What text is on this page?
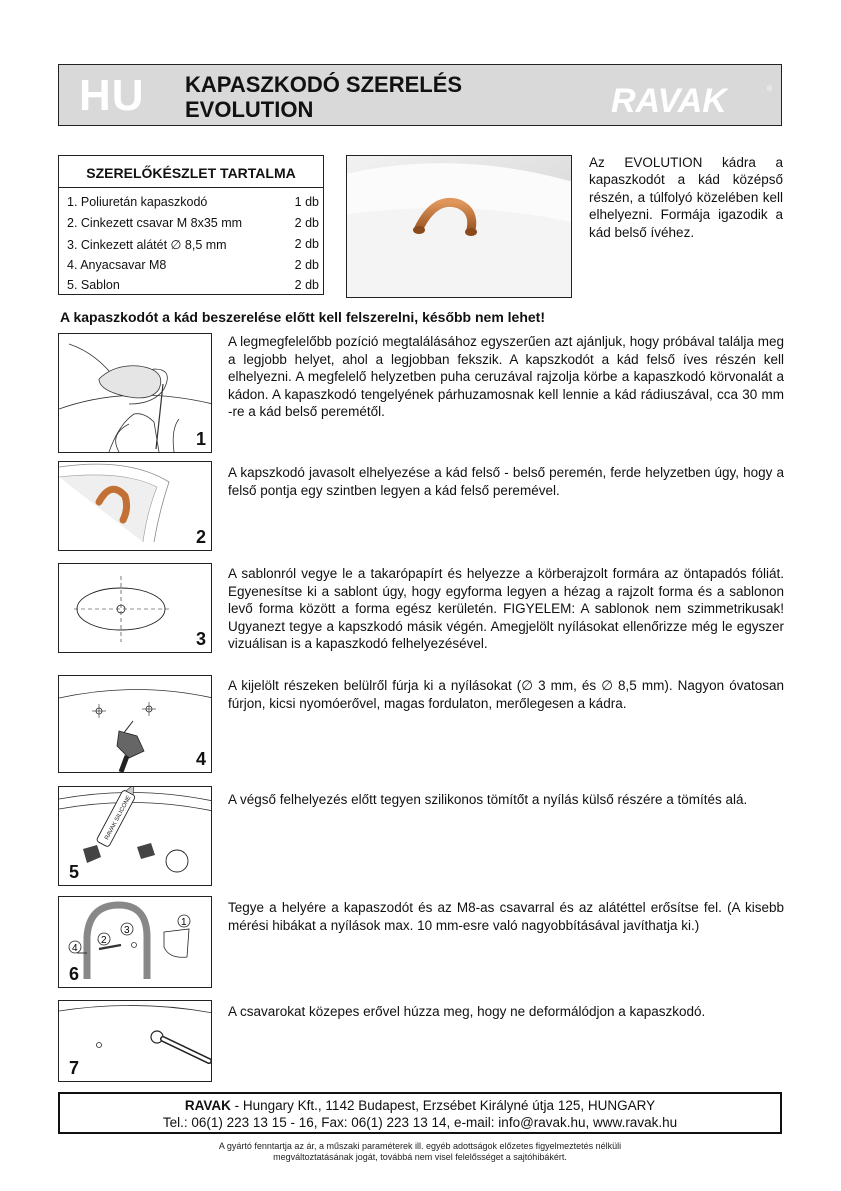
HU KAPASZKODÓ SZERELÉS
EVOLUTION	RAVAK	®
SZERELŐKÉSZLET TARTALMA
1. Poliuretán kapaszkodó	1 db
2. Cinkezett csavar M 8x35 mm	2 db
3. Cinkezett alátét ∅ 8,5 mm	2 db
4. Anyacsavar M8	2 db
5. Sablon	2 db
Az EVOLUTION kádra a kapaszkodót a kád középső részén, a túlfolyó közelében kell elhelyezni. Formája igazodik a kád belső ívéhez.
A kapaszkodót a kád beszerelése előtt kell felszerelni, később nem lehet!
1
A legmegfelelőbb pozíció megtalálásához egyszerűen azt ajánljuk, hogy próbával találja meg a legjobb helyet, ahol a legjobban fekszik. A kapszkodót a kád felső íves részén kell elhelyezni. A megfelelő helyzetben puha ceruzával rajzolja körbe a kapaszkodó körvonalát a kádon. A kapaszkodó tengelyének párhuzamosnak kell lennie a kád rádiuszával, cca 30 mm -re a kád belső peremétől.
2
A kapszkodó javasolt elhelyezése a kád felső - belső peremén, ferde helyzetben úgy, hogy a felső pontja egy szintben legyen a kád felső peremével.
3
A sablonról vegye le a takarópapírt és helyezze a körberajzolt formára az öntapadós fóliát. Egyenesítse ki a sablont úgy, hogy egyforma legyen a hézag a rajzolt forma és a sablonon levő forma között a forma egész kerületén. FIGYELEM: A sablonok nem szimmetrikusak! Ugyanezt tegye a kapszkodó másik végén. Amegjelölt nyílásokat ellenőrizze még le egyszer vizuálisan is a kapaszkodó felhelyezésével.
4
A kijelölt részeken belülről fúrja ki a nyílásokat (∅ 3 mm, és ∅ 8,5 mm). Nagyon óvatosan fúrjon, kicsi nyomóerővel, magas fordulaton, merőlegesen a kádra.
RAVAK SILICONE
5
A végső felhelyezés előtt tegyen szilikonos tömítőt a nyílás külső részére a tömítés alá.
1
2
3
4
6
Tegye a helyére a kapaszodót és az M8-as csavarral és az alátéttel erősítse fel. (A kisebb mérési hibákat a nyílások max. 10 mm-esre való nagyobbításával javíthatja ki.)
7
A csavarokat közepes erővel húzza meg, hogy ne deformálódjon a kapaszkodó.
RAVAK - Hungary Kft., 1142 Budapest, Erzsébet Királyné útja 125, HUNGARY
Tel.: 06(1) 223 13 15 - 16, Fax: 06(1) 223 13 14, e-mail: info@ravak.hu, www.ravak.hu
A gyártó fenntartja az ár, a műszaki paraméterek ill. egyéb adottságok előzetes figyelmeztetés nélküli
megváltoztatásának jogát, továbbá nem visel felelősséget a sajtóhibákért.
